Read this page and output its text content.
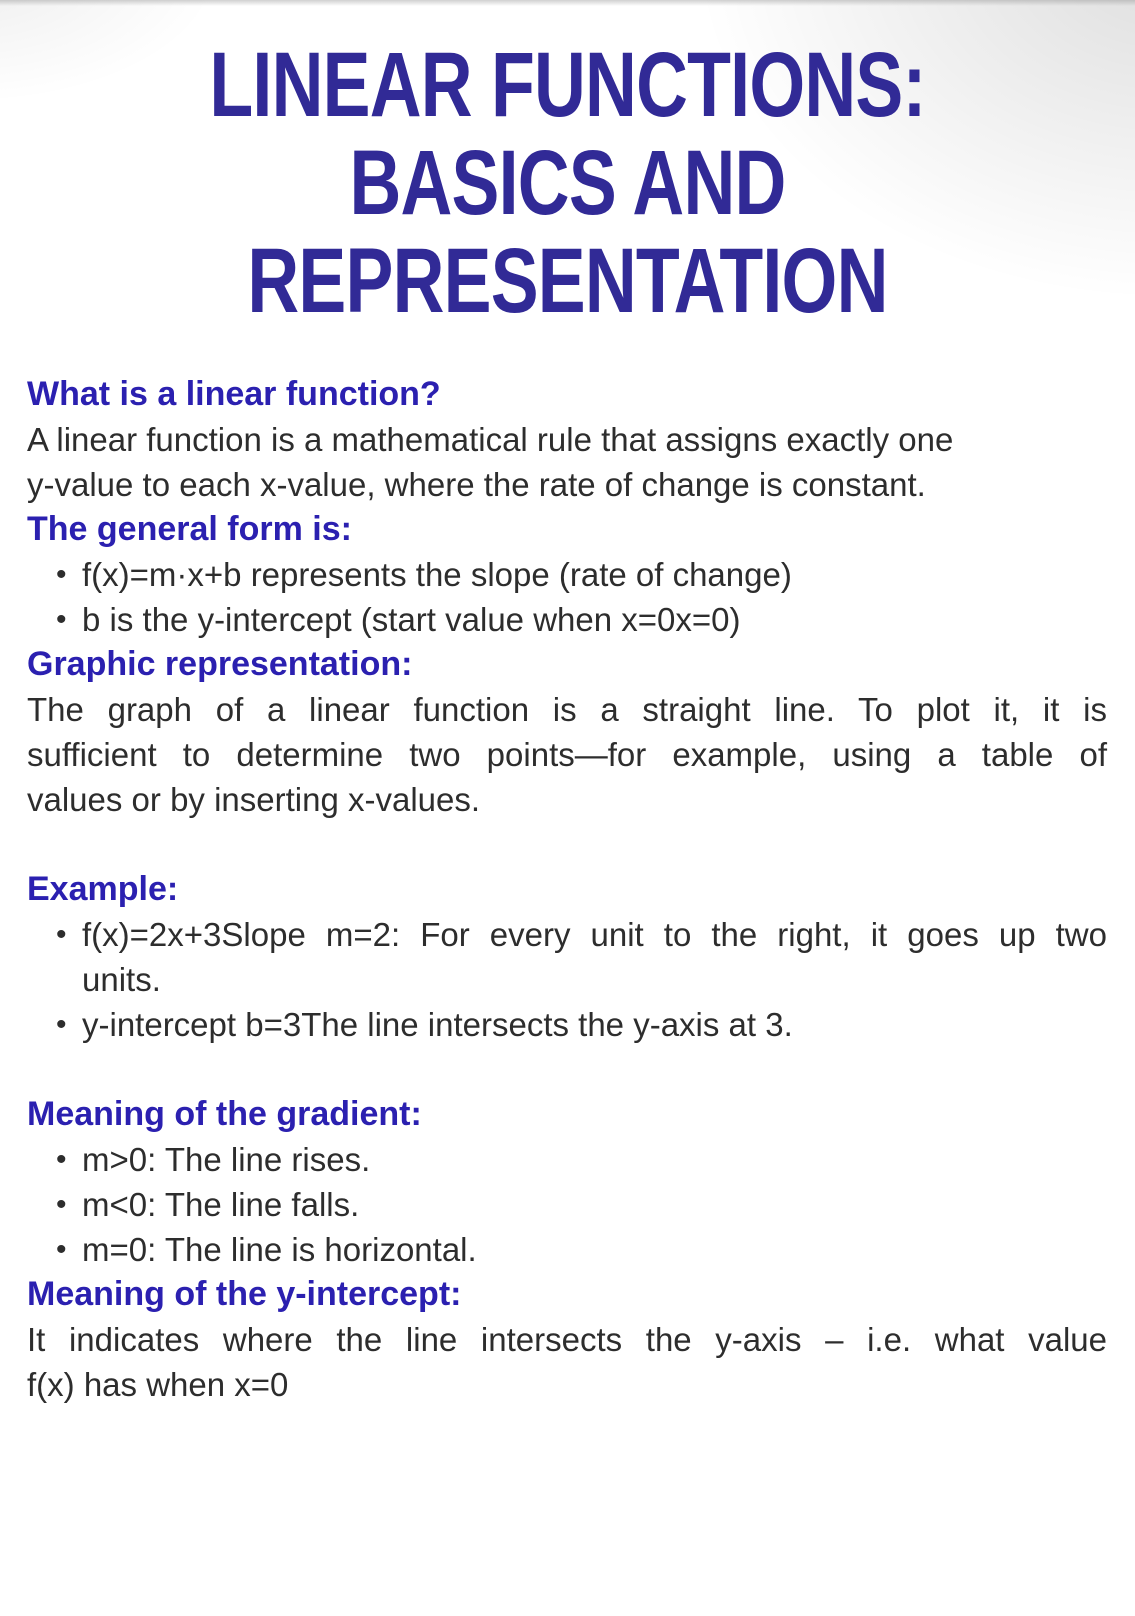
LINEAR FUNCTIONS:
BASICS AND
REPRESENTATION
What is a linear function?

A linear function is a mathematical rule that assigns exactly one
y-value to each x-value, where the rate of change is constant.

The general form is:
• f(x)=m·x+b represents the slope (rate of change)
• b is the y-intercept (start value when x=0x=0)
Graphic representation:

The graph of a linear function is a straight line. To plot it, it is
sufficient to determine two points—for example, using a table of
values or by inserting x-values.

Example:
• f(x)=2x+3Slope m=2: For every unit to the right, it goes up two
units.
• y-intercept b=3The line intersects the y-axis at 3.
Meaning of the gradient:
• m>0: The line rises.
• m<0: The line falls.
• m=0: The line is horizontal.
Meaning of the y-intercept:

It indicates where the line intersects the y-axis – i.e. what value
f(x) has when x=0
